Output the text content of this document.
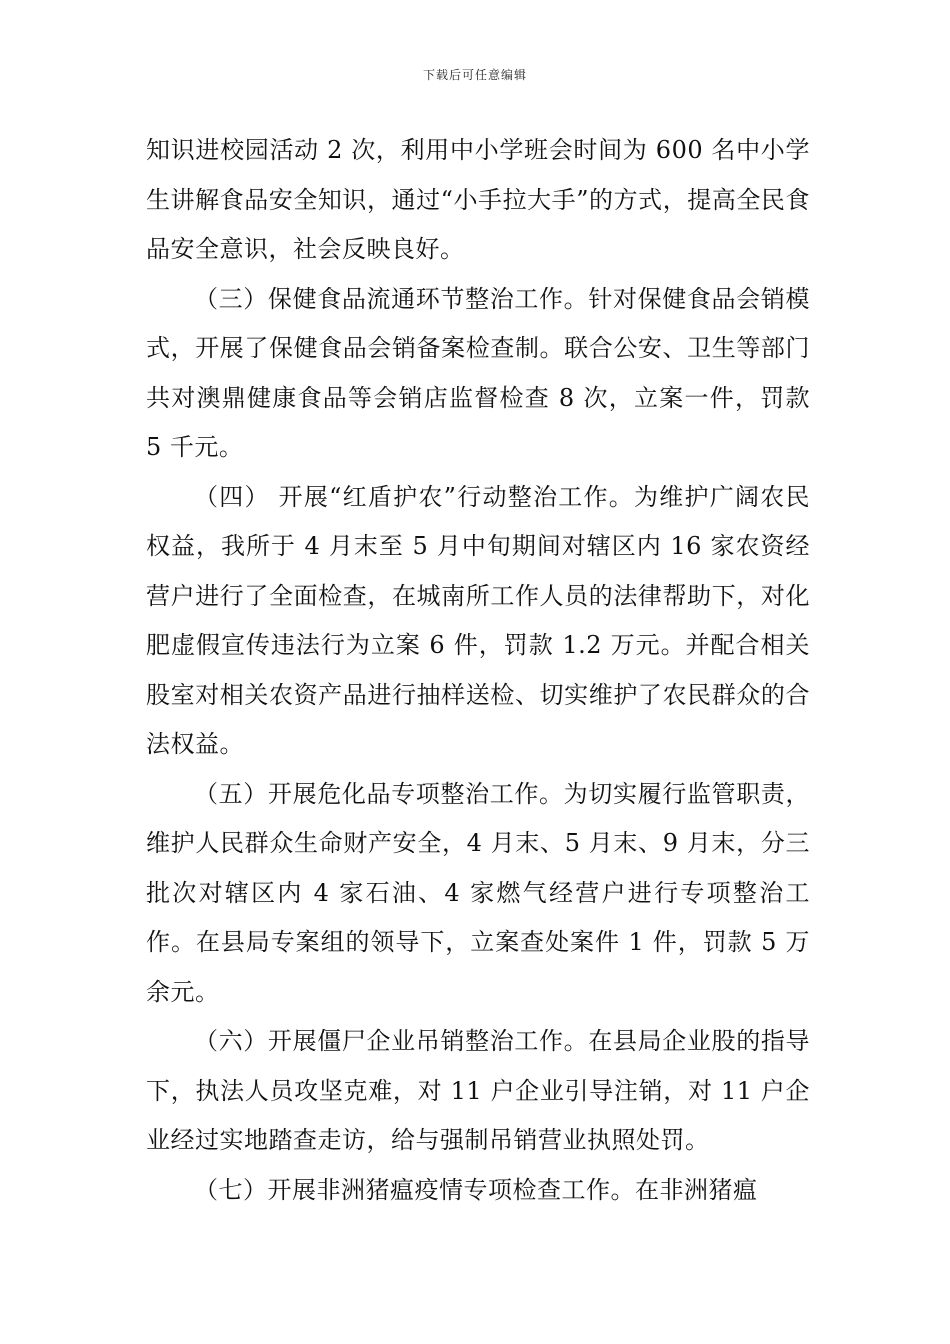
下载后可任意编辑

知识进校园活动 2 次，利用中小学班会时间为 600 名中小学生讲解食品安全知识，通过“小手拉大手”的方式，提高全民食品安全意识，社会反映良好。

（三）保健食品流通环节整治工作。针对保健食品会销模式，开展了保健食品会销备案检查制。联合公安、卫生等部门共对澳鼎健康食品等会销店监督检查 8 次，立案一件，罚款 5 千元。

（四） 开展“红盾护农”行动整治工作。为维护广阔农民权益，我所于 4 月末至 5 月中旬期间对辖区内 16 家农资经营户进行了全面检查，在城南所工作人员的法律帮助下，对化肥虚假宣传违法行为立案 6 件，罚款 1.2 万元。并配合相关股室对相关农资产品进行抽样送检、切实维护了农民群众的合法权益。

（五）开展危化品专项整治工作。为切实履行监管职责，维护人民群众生命财产安全，4 月末、5 月末、9 月末，分三批次对辖区内 4 家石油、4 家燃气经营户进行专项整治工作。在县局专案组的领导下，立案查处案件 1 件，罚款 5 万余元。

（六）开展僵尸企业吊销整治工作。在县局企业股的指导下，执法人员攻坚克难，对 11 户企业引导注销，对 11 户企业经过实地踏查走访，给与强制吊销营业执照处罚。

（七）开展非洲猪瘟疫情专项检查工作。在非洲猪瘟
